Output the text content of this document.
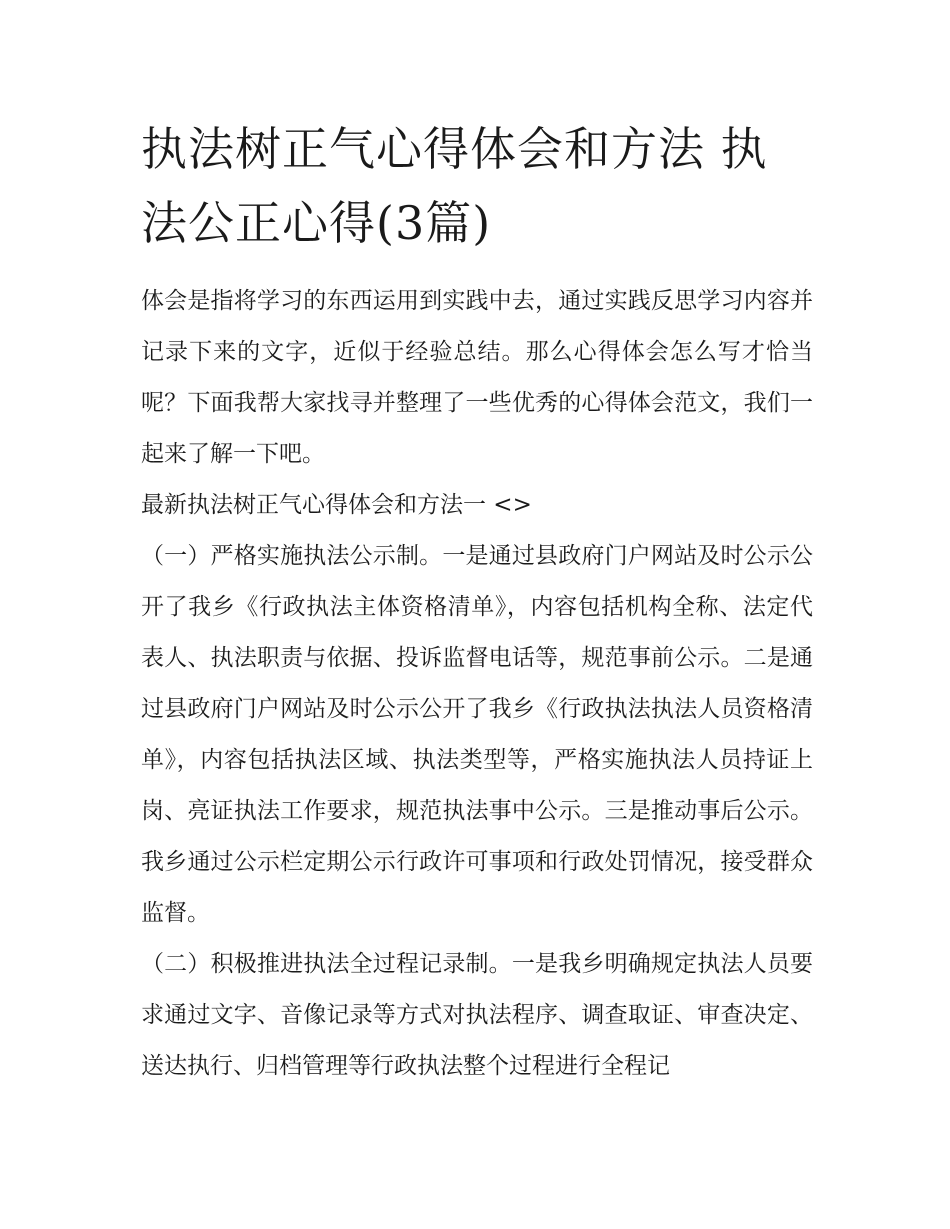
执法树正气心得体会和方法 执法公正心得(3篇)

体会是指将学习的东西运用到实践中去，通过实践反思学习内容并记录下来的文字，近似于经验总结。那么心得体会怎么写才恰当呢？下面我帮大家找寻并整理了一些优秀的心得体会范文，我们一起来了解一下吧。

最新执法树正气心得体会和方法一 <>

（一）严格实施执法公示制。一是通过县政府门户网站及时公示公开了我乡《行政执法主体资格清单》，内容包括机构全称、法定代表人、执法职责与依据、投诉监督电话等，规范事前公示。二是通过县政府门户网站及时公示公开了我乡《行政执法执法人员资格清单》，内容包括执法区域、执法类型等，严格实施执法人员持证上岗、亮证执法工作要求，规范执法事中公示。三是推动事后公示。我乡通过公示栏定期公示行政许可事项和行政处罚情况，接受群众监督。

（二）积极推进执法全过程记录制。一是我乡明确规定执法人员要求通过文字、音像记录等方式对执法程序、调查取证、审查决定、送达执行、归档管理等行政执法整个过程进行全程记
